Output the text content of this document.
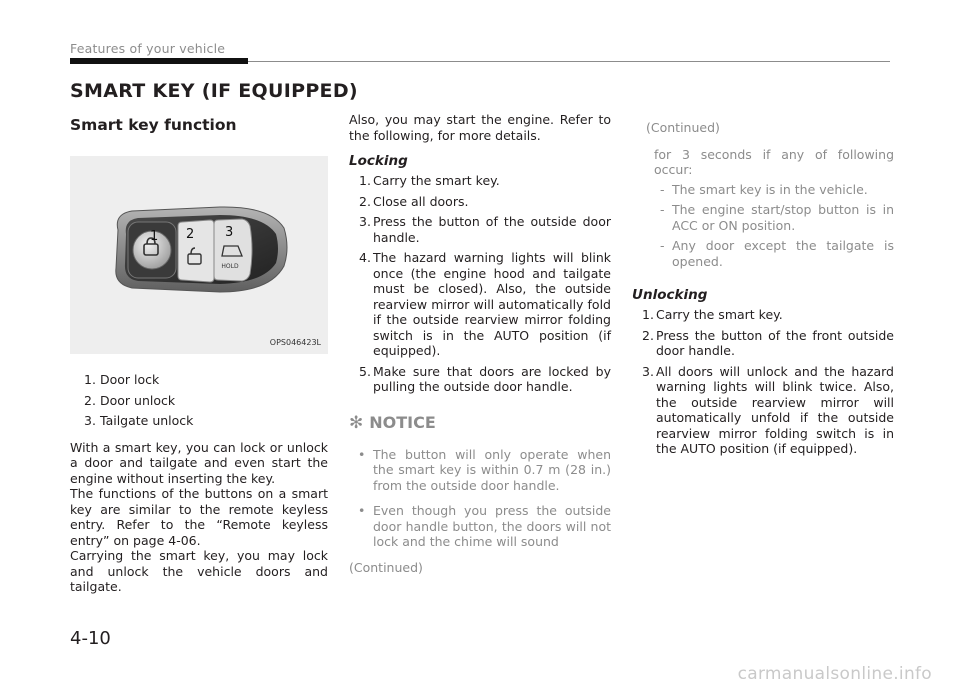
Features of your vehicle
SMART KEY (IF EQUIPPED)
Smart key function
HOLD
1 2 3
OPS046423L
1. Door lock
2. Door unlock
3. Tailgate unlock

With a smart key, you can lock or unlock a door and tailgate and even start the engine without inserting the key.

The functions of the buttons on a smart key are similar to the remote keyless entry. Refer to the “Remote keyless entry” on page 4-06.

Carrying the smart key, you may lock and unlock the vehicle doors and tailgate.

Also, you may start the engine. Refer to the following, for more details.

Locking
1. Carry the smart key.
2. Close all doors.
3. Press the button of the outside door handle.
4. The hazard warning lights will blink once (the engine hood and tailgate must be closed). Also, the outside rearview mirror will automatically fold if the outside rearview mirror folding switch is in the AUTO position (if equipped).
5. Make sure that doors are locked by pulling the outside door handle.
✻ NOTICE
• The button will only operate when the smart key is within 0.7 m (28 in.) from the outside door handle.
• Even though you press the outside door handle button, the doors will not lock and the chime will sound

(Continued)

(Continued)

for 3 seconds if any of following occur:

- The smart key is in the vehicle.
- The engine start/stop button is in ACC or ON position.
- Any door except the tailgate is opened.
Unlocking
1. Carry the smart key.
2. Press the button of the front outside door handle.
3. All doors will unlock and the hazard warning lights will blink twice. Also, the outside rearview mirror will automatically unfold if the outside rearview mirror folding switch is in the AUTO position (if equipped).
4-10
carmanualsonline.info
